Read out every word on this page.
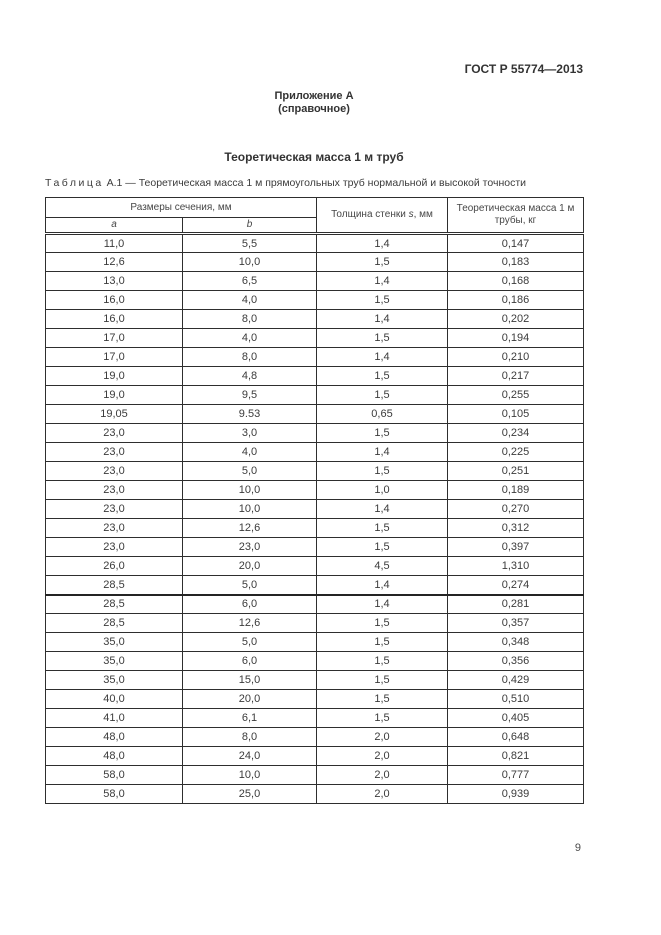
ГОСТ Р 55774—2013
Приложение А
(справочное)
Теоретическая масса 1 м труб
Таблица А.1 — Теоретическая масса 1 м прямоугольных труб нормальной и высокой точности
Размеры сечения, мм		Толщина стенки s, мм	Теоретическая масса 1 м трубы, кг
a	b		
11,0	5,5	1,4	0,147
12,6	10,0	1,5	0,183
13,0	6,5	1,4	0,168
16,0	4,0	1,5	0,186
16,0	8,0	1,4	0,202
17,0	4,0	1,5	0,194
17,0	8,0	1,4	0,210
19,0	4,8	1,5	0,217
19,0	9,5	1,5	0,255
19,05	9.53	0,65	0,105
23,0	3,0	1,5	0,234
23,0	4,0	1,4	0,225
23,0	5,0	1,5	0,251
23,0	10,0	1,0	0,189
23,0	10,0	1,4	0,270
23,0	12,6	1,5	0,312
23,0	23,0	1,5	0,397
26,0	20,0	4,5	1,310
28,5	5,0	1,4	0,274
28,5	6,0	1,4	0,281
28,5	12,6	1,5	0,357
35,0	5,0	1,5	0,348
35,0	6,0	1,5	0,356
35,0	15,0	1,5	0,429
40,0	20,0	1,5	0,510
41,0	6,1	1,5	0,405
48,0	8,0	2,0	0,648
48,0	24,0	2,0	0,821
58,0	10,0	2,0	0,777
58,0	25,0	2,0	0,939
9
